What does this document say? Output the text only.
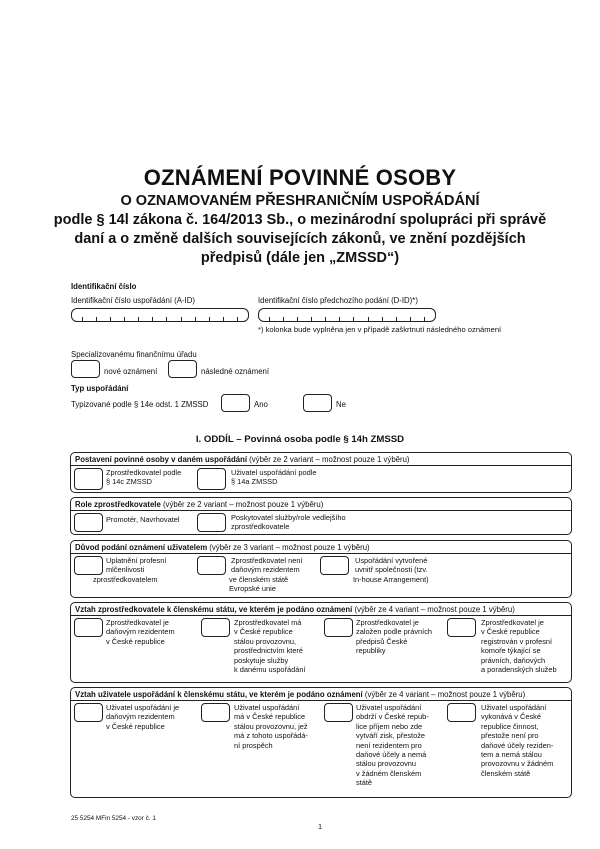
OZNÁMENÍ POVINNÉ OSOBY
O OZNAMOVANÉM PŘESHRANIČNÍM USPOŘÁDÁNÍ
podle § 14l zákona č. 164/2013 Sb., o mezinárodní spolupráci při správě
daní a o změně dalších souvisejících zákonů, ve znění pozdějších
předpisů (dále jen „ZMSSD“)
Identifikační číslo
Identifikační číslo uspořádání (A-ID)	Identifikační číslo předchozího podání (D-ID)*)
*) kolonka bude vyplněna jen v případě zaškrtnutí následného oznámení
Specializovanému finančnímu úřadu
nové oznámení	následné oznámení
Typ uspořádání
Typizované podle § 14e odst. 1 ZMSSD	Ano	Ne
I. ODDÍL – Povinná osoba podle § 14h ZMSSD
Postavení povinné osoby v daném uspořádání (výběr ze 2 variant – možnost pouze 1 výběru)
Zprostředkovatel podle
§ 14c ZMSSD
Uživatel uspořádání podle
§ 14a ZMSSD
Role zprostředkovatele (výběr ze 2 variant – možnost pouze 1 výběru)
Promotér, Navrhovatel	Poskytovatel služby/role vedlejšího
zprostředkovatele
Důvod podání oznámení uživatelem (výběr ze 3 variant – možnost pouze 1 výběru)
Uplatnění profesní
mlčenlivosti
zprostředkovatelem
Zprostředkovatel není
daňovým rezidentem
ve členském státě
Evropské unie
Uspořádání vytvořené
uvnitř společnosti (tzv.
In-house Arrangement)
Vztah zprostředkovatele k členskému státu, ve kterém je podáno oznámení (výběr ze 4 variant – možnost pouze 1 výběru)
Zprostředkovatel je
daňovým rezidentem
v České republice
Zprostředkovatel má
v České republice
stálou provozovnu,
prostřednictvím které
poskytuje služby
k danému uspořádání
Zprostředkovatel je
založen podle právních
předpisů České
republiky
Zprostředkovatel je
v České republice
registrován v profesní
komoře týkající se
právních, daňových
a poradenských služeb
Vztah uživatele uspořádání k členskému státu, ve kterém je podáno oznámení (výběr ze 4 variant – možnost pouze 1 výběru)
Uživatel uspořádání je
daňovým rezidentem
v České republice
Uživatel uspořádání
má v České republice
stálou provozovnu, jež
má z tohoto uspořádá-
ní prospěch
Uživatel uspořádání
obdrží v České repub-
lice příjem nebo zde
vytváří zisk, přestože
není rezidentem pro
daňové účely a nemá
stálou provozovnu
v žádném členském
státě
Uživatel uspořádání
vykonává v České
republice činnost,
přestože není pro
daňové účely reziden-
tem a nemá stálou
provozovnu v žádném
členském státě
25 5254 MFin 5254 - vzor č. 1
1
